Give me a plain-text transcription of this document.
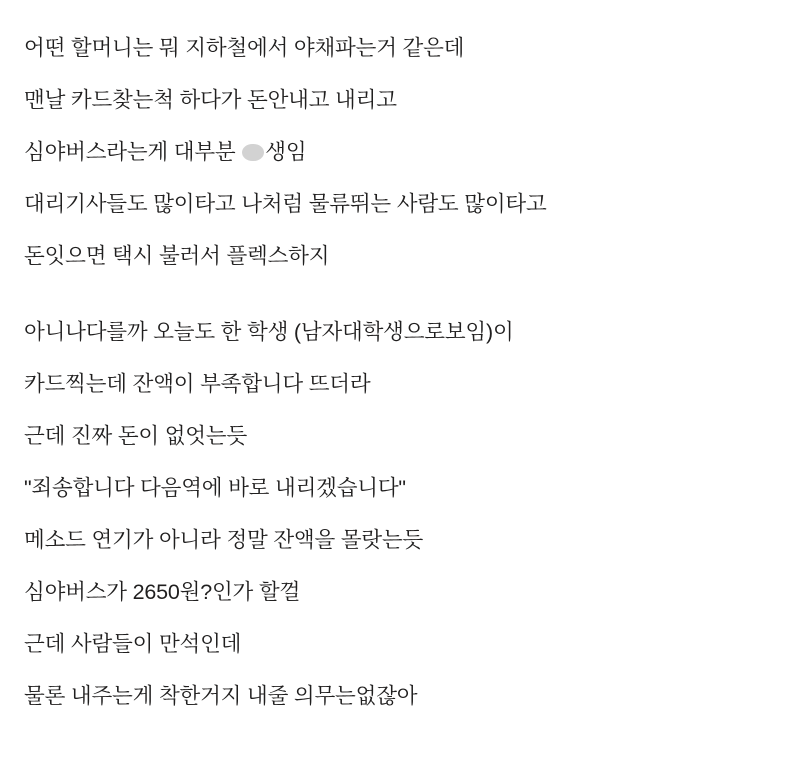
어떤 할머니는 뭐 지하철에서 야채파는거 같은데
맨날 카드찾는척 하다가 돈안내고 내리고
심야버스라는게 대부분 생임
대리기사들도 많이타고 나처럼 물류뛰는 사람도 많이타고
돈잇으면 택시 불러서 플렉스하지
아니나다를까 오늘도 한 학생 (남자대학생으로보임)이
카드찍는데 잔액이 부족합니다 뜨더라
근데 진짜 돈이 없엇는듯
"죄송합니다 다음역에 바로 내리겠습니다"
메소드 연기가 아니라 정말 잔액을 몰랏는듯
심야버스가 2650원?인가 할껄
근데 사람들이 만석인데
물론 내주는게 착한거지 내줄 의무는없잖아
